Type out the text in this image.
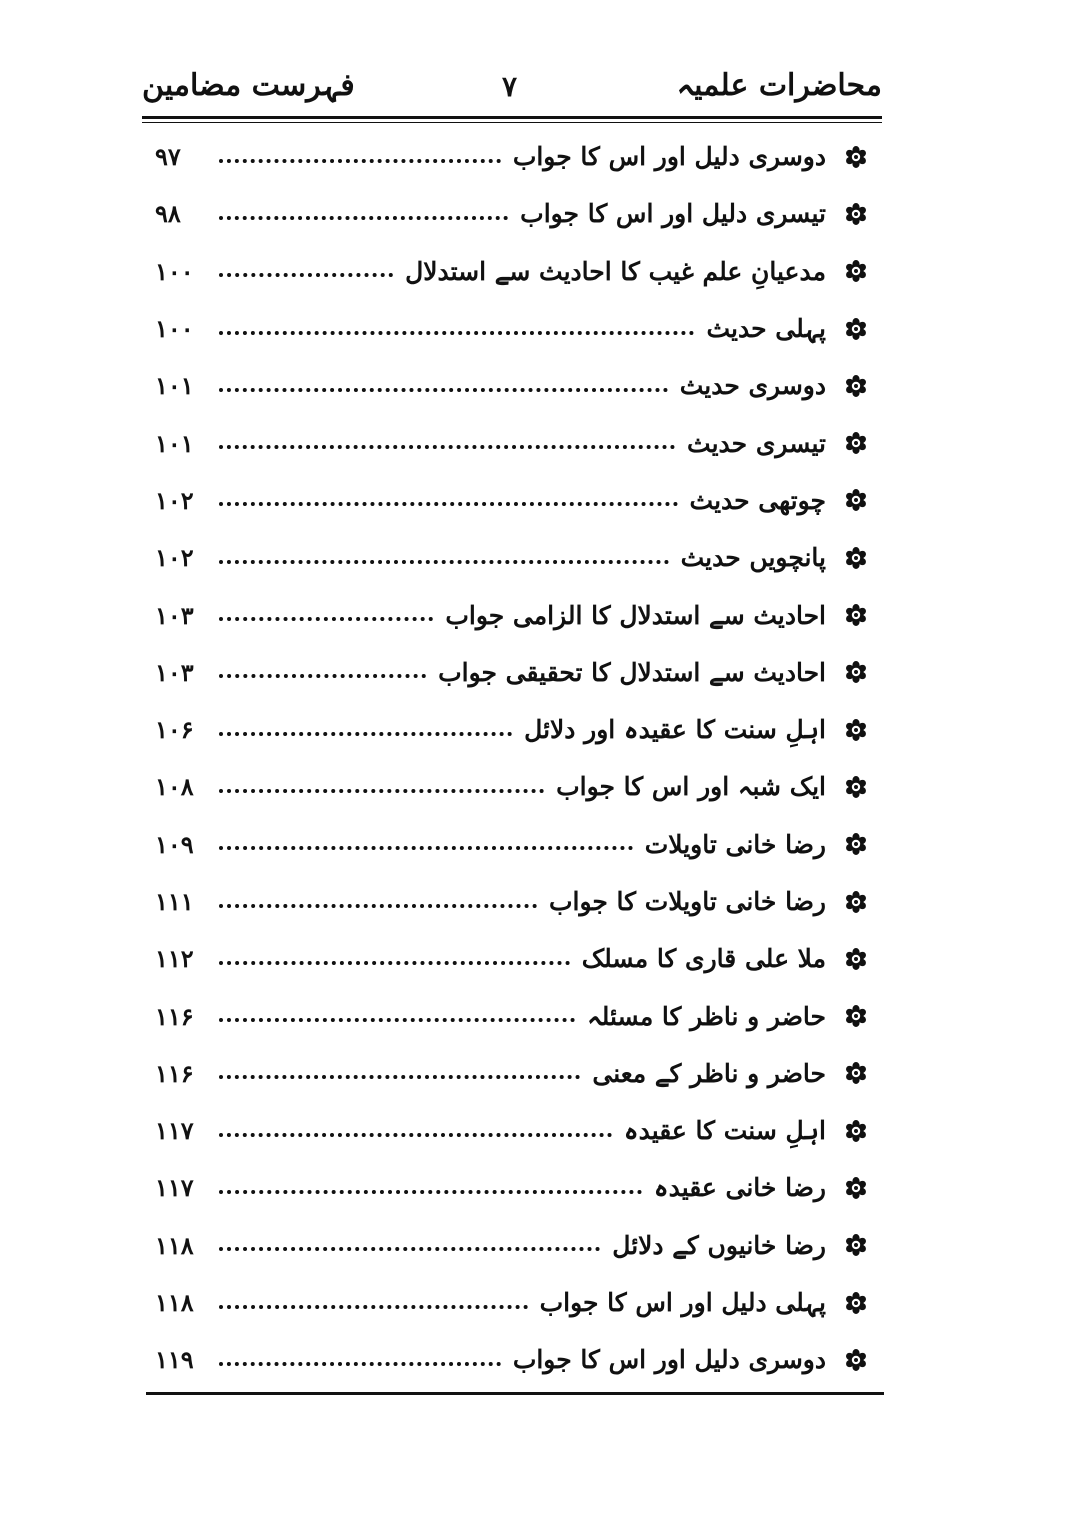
محاضرات علمیہ
۷
فہرست مضامین
دوسری دلیل اور اس کا جواب
۹۷
تیسری دلیل اور اس کا جواب
۹۸
مدعیانِ علم غیب کا احادیث سے استدلال
۱۰۰
پہلی حدیث
۱۰۰
دوسری حدیث
۱۰۱
تیسری حدیث
۱۰۱
چوتھی حدیث
۱۰۲
پانچویں حدیث
۱۰۲
احادیث سے استدلال کا الزامی جواب
۱۰۳
احادیث سے استدلال کا تحقیقی جواب
۱۰۳
اہلِ سنت کا عقیدہ اور دلائل
۱۰۶
ایک شبہ اور اس کا جواب
۱۰۸
رضا خانی تاویلات
۱۰۹
رضا خانی تاویلات کا جواب
۱۱۱
ملا علی قاری کا مسلک
۱۱۲
حاضر و ناظر کا مسئلہ
۱۱۶
حاضر و ناظر کے معنی
۱۱۶
اہلِ سنت کا عقیدہ
۱۱۷
رضا خانی عقیدہ
۱۱۷
رضا خانیوں کے دلائل
۱۱۸
پہلی دلیل اور اس کا جواب
۱۱۸
دوسری دلیل اور اس کا جواب
۱۱۹
